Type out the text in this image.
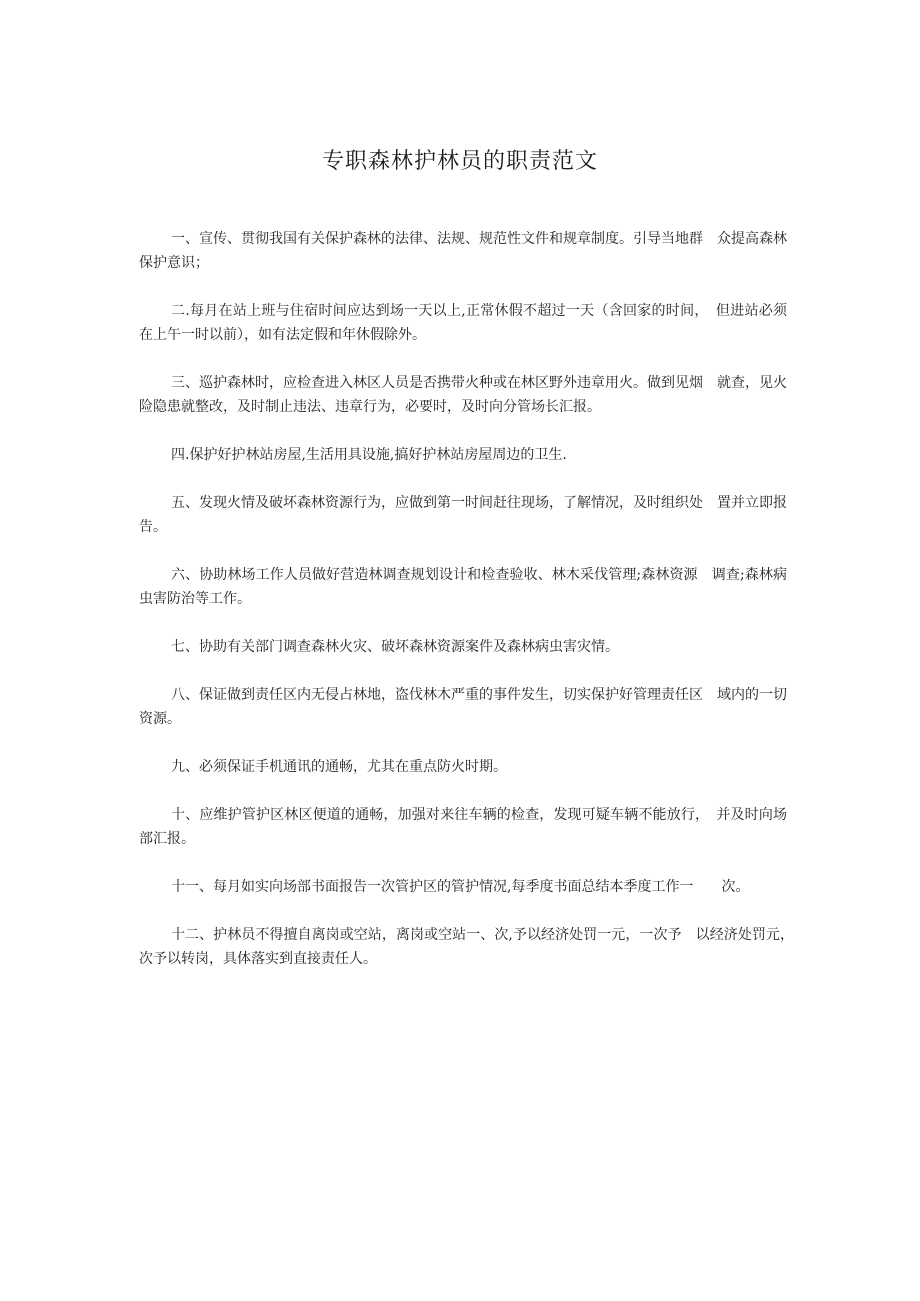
专职森林护林员的职责范文

一、宣传、贯彻我国有关保护森林的法律、法规、规范性文件和规章制度。引导当地群　众提高森林保护意识；

二.每月在站上班与住宿时间应达到场一天以上,正常休假不超过一天（含回家的时间，　但进站必须在上午一时以前），如有法定假和年休假除外。

三、巡护森林时，应检查进入林区人员是否携带火种或在林区野外违章用火。做到见烟　就查，见火险隐患就整改，及时制止违法、违章行为，必要时，及时向分管场长汇报。

四.保护好护林站房屋,生活用具设施,搞好护林站房屋周边的卫生.

五、发现火情及破坏森林资源行为，应做到第一时间赶往现场，了解情况，及时组织处　置并立即报告。

六、协助林场工作人员做好营造林调查规划设计和检查验收、林木采伐管理;森林资源　调查;森林病虫害防治等工作。

七、协助有关部门调查森林火灾、破坏森林资源案件及森林病虫害灾情。

八、保证做到责任区内无侵占林地，盗伐林木严重的事件发生，切实保护好管理责任区　域内的一切资源。

九、必须保证手机通讯的通畅，尤其在重点防火时期。

十、应维护管护区林区便道的通畅，加强对来往车辆的检查，发现可疑车辆不能放行，　并及时向场部汇报。

十一、每月如实向场部书面报告一次管护区的管护情况,每季度书面总结本季度工作一　　次。

十二、护林员不得擅自离岗或空站，离岗或空站一、次,予以经济处罚一元，一次予　以经济处罚元，　次予以转岗，具体落实到直接责任人。
